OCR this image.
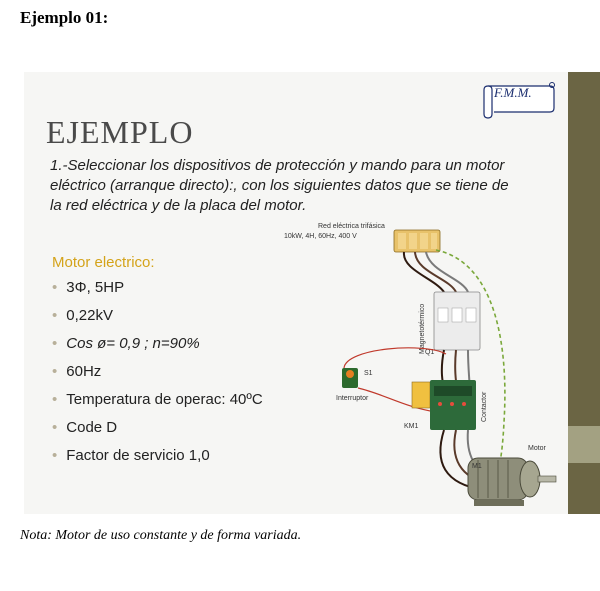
Ejemplo 01:
F.M.M.
EJEMPLO
1.-Seleccionar los dispositivos de protección y mando para un motor eléctrico (arranque directo):, con los siguientes datos que se tiene de la red eléctrica y de la placa del motor.
Motor electrico:
• 3Φ, 5HP
• 0,22kV
• Cos ø= 0,9 ; n=90%
• 60Hz
• Temperatura de operac: 40ºC
• Code D
• Factor de servicio 1,0
Red eléctrica trifásica
10kW, 4H, 60Hz, 400 V
Magnetotérmico Q1
S1
Interruptor	Contactor
KM1
Motor
M1
Nota: Motor de uso constante y de forma variada.
